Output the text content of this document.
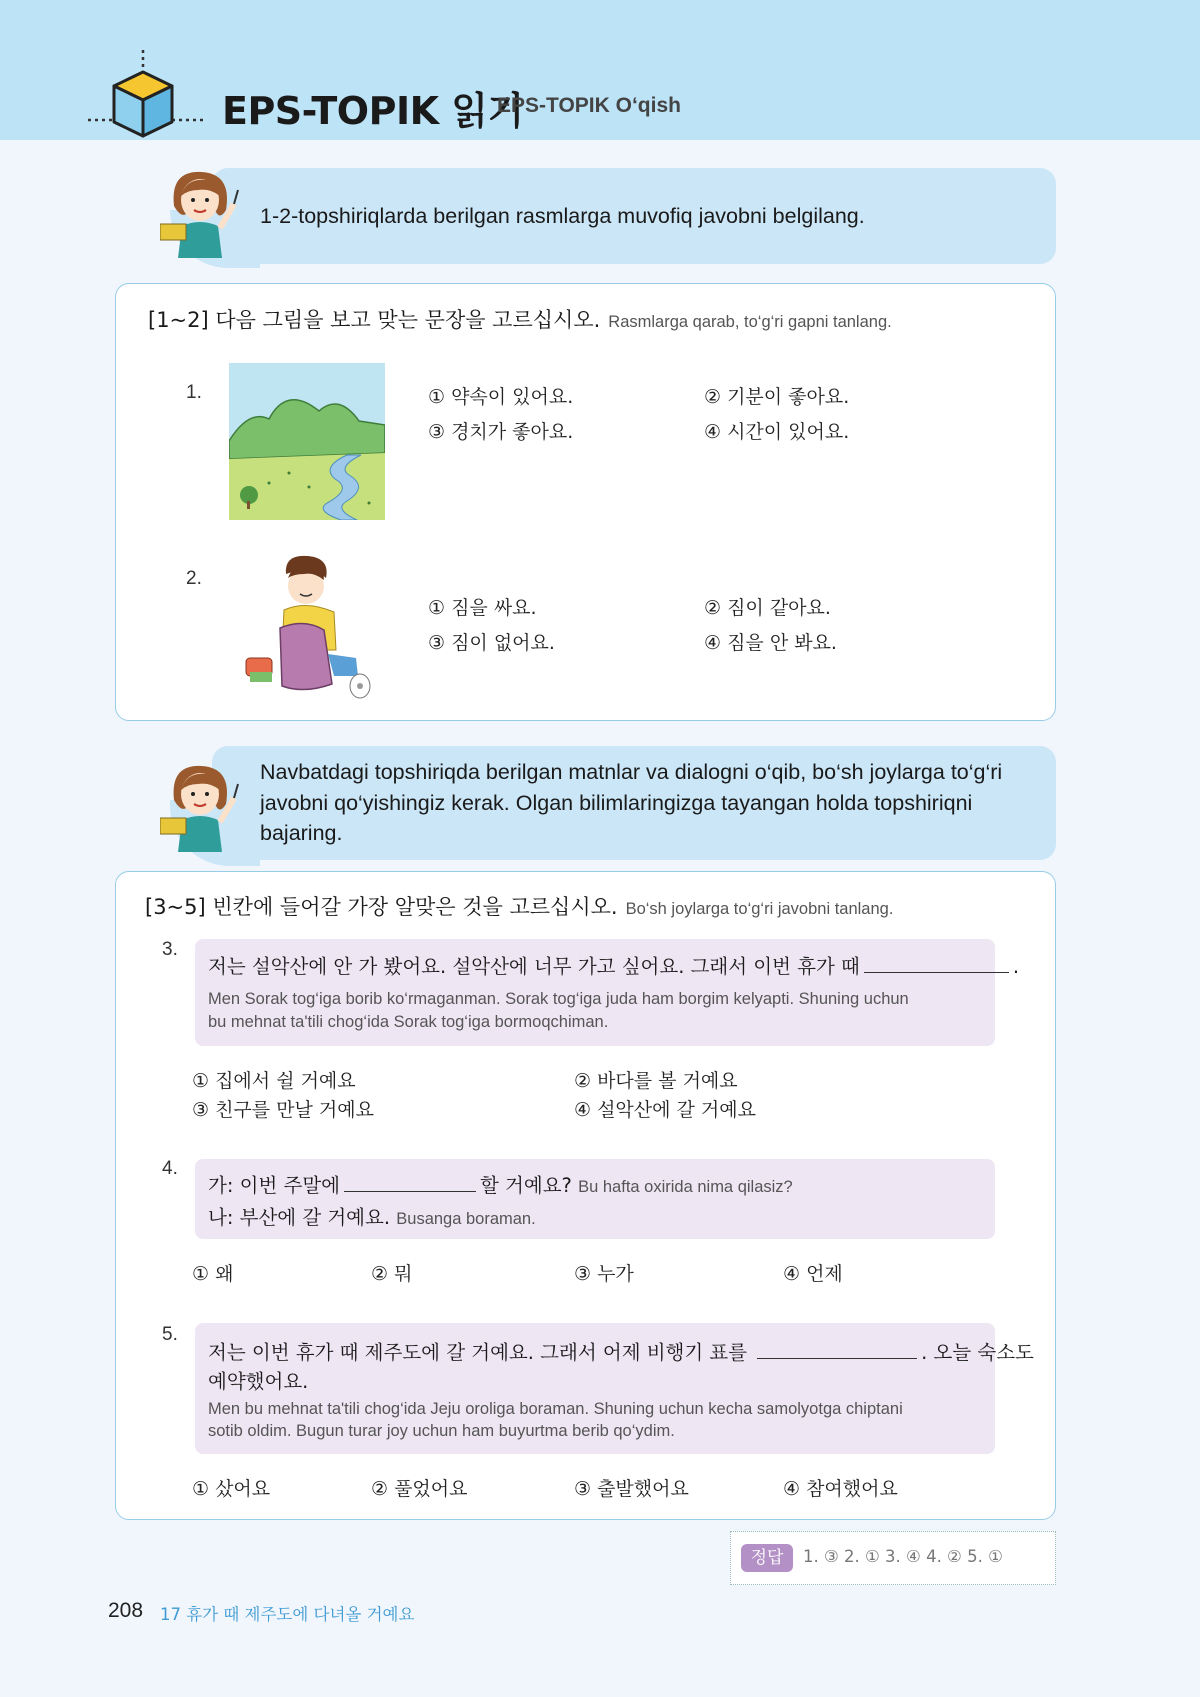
EPS-TOPIK 읽기
EPS-TOPIK O‘qish
1-2-topshiriqlarda berilgan rasmlarga muvofiq javobni belgilang.
[1~2] 다음 그림을 보고 맞는 문장을 고르십시오. Rasmlarga qarab, to‘g‘ri gapni tanlang.
1.	① 약속이 있어요.	② 기분이 좋아요.
③ 경치가 좋아요.	④ 시간이 있어요.
2.
① 짐을 싸요.	② 짐이 같아요.
③ 짐이 없어요.	④ 짐을 안 봐요.
Navbatdagi topshiriqda berilgan matnlar va dialogni o‘qib, bo‘sh joylarga to‘g‘ri
javobni qo‘yishingiz kerak. Olgan bilimlaringizga tayangan holda topshiriqni
bajaring.
[3~5] 빈칸에 들어갈 가장 알맞은 것을 고르십시오. Bo‘sh joylarga to‘g‘ri javobni tanlang.
3.
저는 설악산에 안 가 봤어요. 설악산에 너무 가고 싶어요. 그래서 이번 휴가 때	.
Men Sorak tog‘iga borib ko‘rmaganman. Sorak tog‘iga juda ham borgim kelyapti. Shuning uchun
bu mehnat ta'tili chog‘ida Sorak tog‘iga bormoqchiman.
① 집에서 쉴 거예요	② 바다를 볼 거예요
③ 친구를 만날 거예요	④ 설악산에 갈 거예요
4.
가: 이번 주말에	할 거예요? Bu hafta oxirida nima qilasiz?
나: 부산에 갈 거예요. Busanga boraman.
① 왜	② 뭐	③ 누가	④ 언제
5.
저는 이번 휴가 때 제주도에 갈 거예요. 그래서 어제 비행기 표를	. 오늘 숙소도
예약했어요.
Men bu mehnat ta'tili chog‘ida Jeju oroliga boraman. Shuning uchun kecha samolyotga chiptani
sotib oldim. Bugun turar joy uchun ham buyurtma berib qo‘ydim.
① 샀어요	② 풀었어요	③ 출발했어요	④ 참여했어요
정답	1. ③ 2. ① 3. ④ 4. ② 5. ①
208 17 휴가 때 제주도에 다녀올 거예요
